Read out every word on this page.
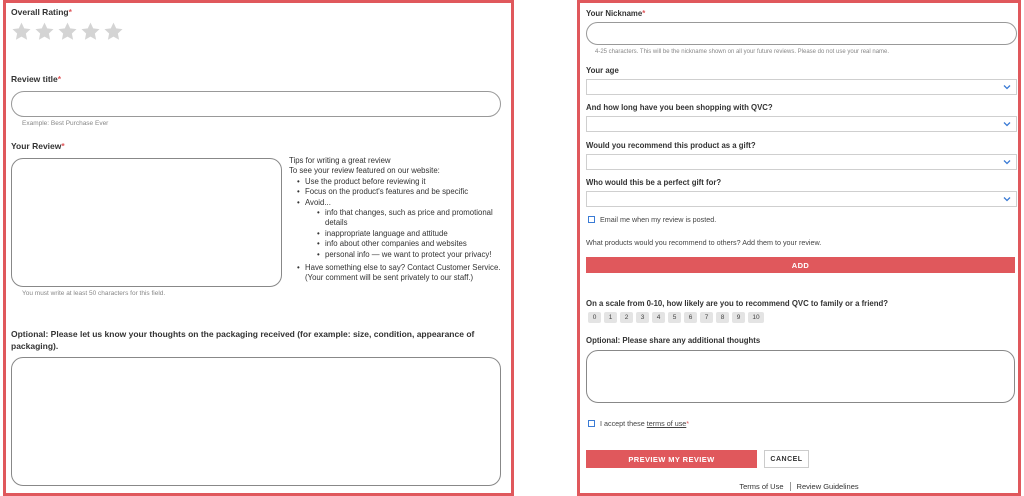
Overall Rating*
Review title*
Example: Best Purchase Ever
Your Review*
You must write at least 50 characters for this field.
Tips for writing a great review
To see your review featured on our website:
• Use the product before reviewing it
• Focus on the product's features and be specific
• Avoid...
• info that changes, such as price and promotional details
• inappropriate language and attitude
• info about other companies and websites
• personal info — we want to protect your privacy!
• Have something else to say? Contact Customer Service. (Your comment will be sent privately to our staff.)
Optional: Please let us know your thoughts on the packaging received (for example: size, condition, appearance of packaging).
Your Nickname*
4-25 characters. This will be the nickname shown on all your future reviews. Please do not use your real name.
Your age
And how long have you been shopping with QVC?
Would you recommend this product as a gift?
Who would this be a perfect gift for?
Email me when my review is posted.
What products would you recommend to others? Add them to your review.
ADD
On a scale from 0-10, how likely are you to recommend QVC to family or a friend?
0	1	2	3	4	5	6	7	8	9	10
Optional: Please share any additional thoughts
I accept these terms of use*
PREVIEW MY REVIEW	CANCEL
Terms of Use Review Guidelines
